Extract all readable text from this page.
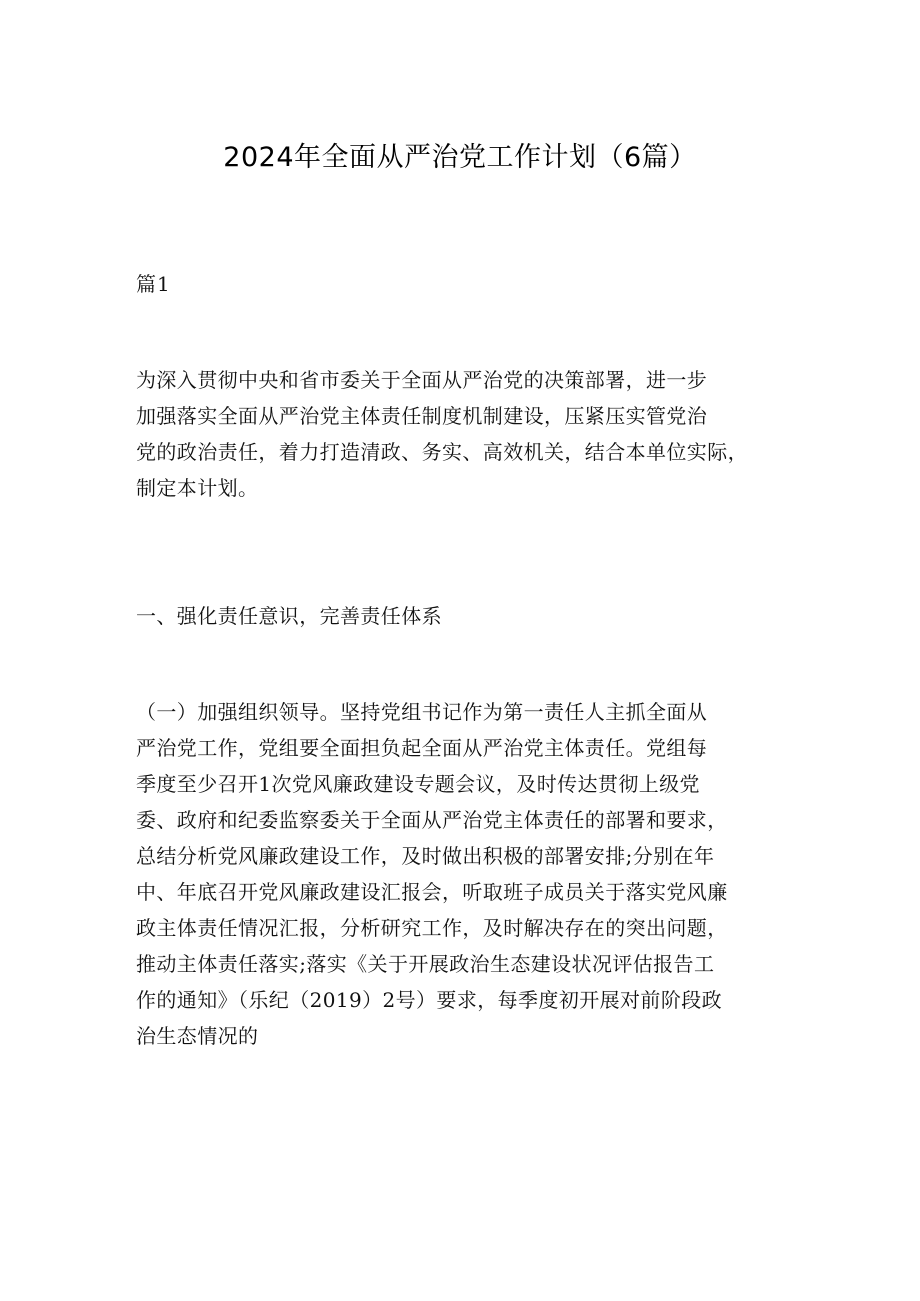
2024年全面从严治党工作计划（6篇）
篇1
为深入贯彻中央和省市委关于全面从严治党的决策部署，进一步
加强落实全面从严治党主体责任制度机制建设，压紧压实管党治
党的政治责任，着力打造清政、务实、高效机关，结合本单位实际，
制定本计划。
一、强化责任意识，完善责任体系
（一）加强组织领导。坚持党组书记作为第一责任人主抓全面从
严治党工作，党组要全面担负起全面从严治党主体责任。党组每
季度至少召开1次党风廉政建设专题会议，及时传达贯彻上级党
委、政府和纪委监察委关于全面从严治党主体责任的部署和要求，
总结分析党风廉政建设工作，及时做出积极的部署安排;分别在年
中、年底召开党风廉政建设汇报会，听取班子成员关于落实党风廉
政主体责任情况汇报，分析研究工作，及时解决存在的突出问题，
推动主体责任落实;落实《关于开展政治生态建设状况评估报告工
作的通知》（乐纪（2019）2号）要求，每季度初开展对前阶段政
治生态情况的
